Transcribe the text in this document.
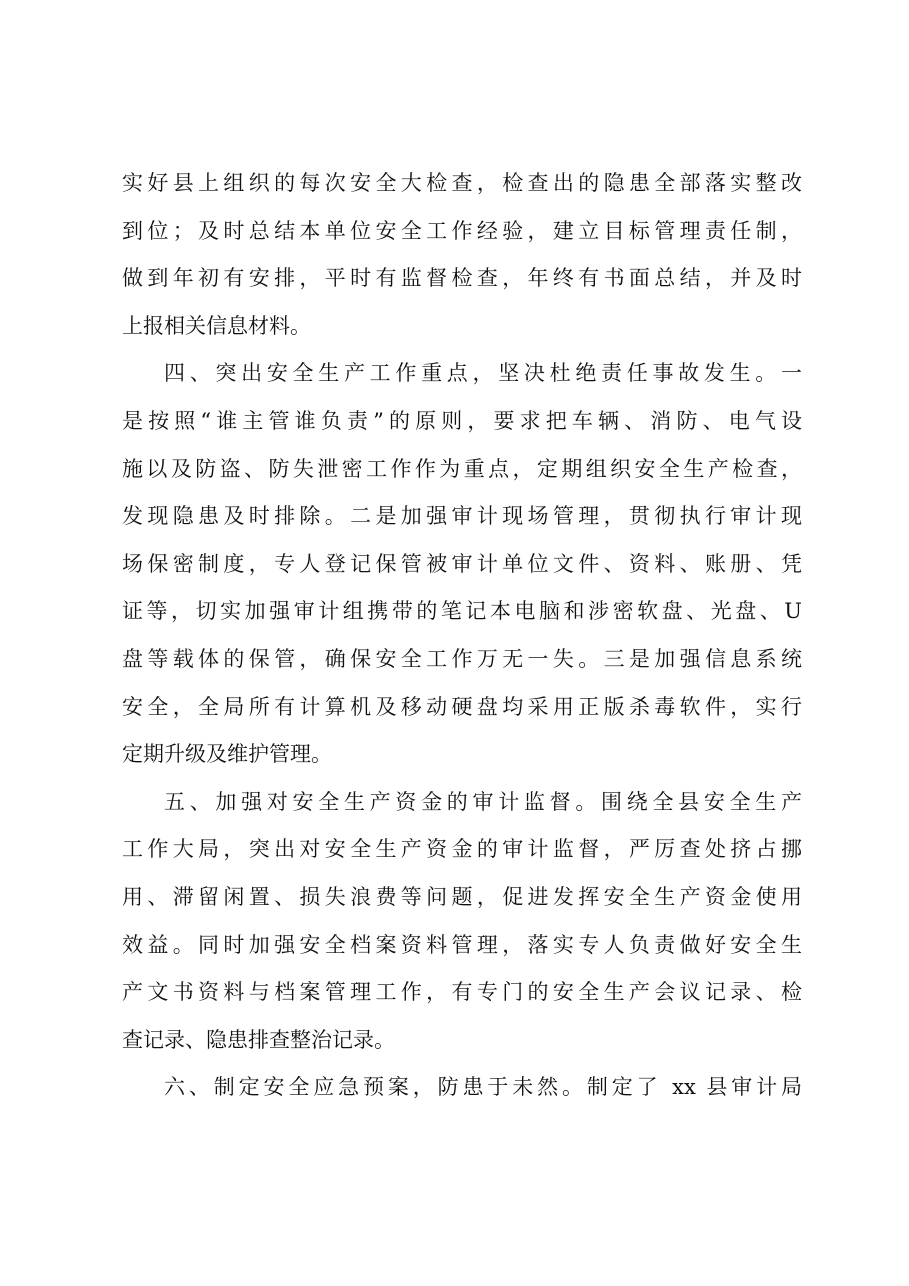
实好县上组织的每次安全大检查，检查出的隐患全部落实整改
到位；及时总结本单位安全工作经验，建立目标管理责任制，
做到年初有安排，平时有监督检查，年终有书面总结，并及时
上报相关信息材料。
四、突出安全生产工作重点，坚决杜绝责任事故发生。一
是按照“谁主管谁负责”的原则，要求把车辆、消防、电气设
施以及防盗、防失泄密工作作为重点，定期组织安全生产检查，
发现隐患及时排除。二是加强审计现场管理，贯彻执行审计现
场保密制度，专人登记保管被审计单位文件、资料、账册、凭
证等，切实加强审计组携带的笔记本电脑和涉密软盘、光盘、U
盘等载体的保管，确保安全工作万无一失。三是加强信息系统
安全，全局所有计算机及移动硬盘均采用正版杀毒软件，实行
定期升级及维护管理。
五、加强对安全生产资金的审计监督。围绕全县安全生产
工作大局，突出对安全生产资金的审计监督，严厉查处挤占挪
用、滞留闲置、损失浪费等问题，促进发挥安全生产资金使用
效益。同时加强安全档案资料管理，落实专人负责做好安全生
产文书资料与档案管理工作，有专门的安全生产会议记录、检
查记录、隐患排查整治记录。
六、制定安全应急预案，防患于未然。制定了 xx 县审计局
